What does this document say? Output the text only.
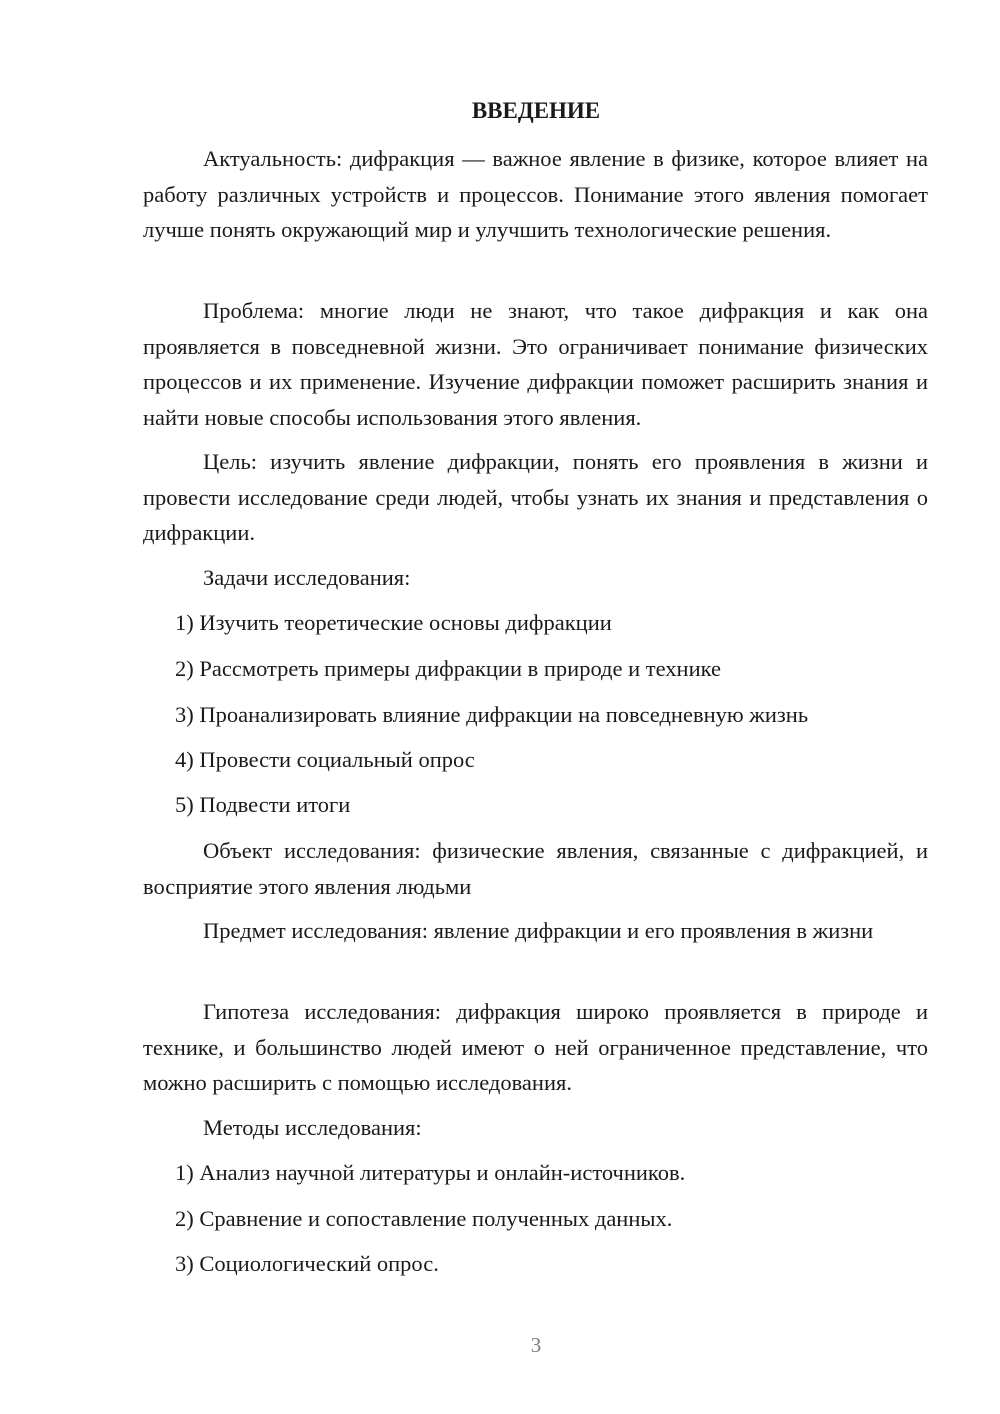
ВВЕДЕНИЕ
Актуальность: дифракция — важное явление в физике, которое влияет на работу различных устройств и процессов. Понимание этого явления помогает лучше понять окружающий мир и улучшить технологические решения.
Проблема: многие люди не знают, что такое дифракция и как она проявляется в повседневной жизни. Это ограничивает понимание физических процессов и их применение. Изучение дифракции поможет расширить знания и найти новые способы использования этого явления.
Цель: изучить явление дифракции, понять его проявления в жизни и провести исследование среди людей, чтобы узнать их знания и представления о дифракции.
Задачи исследования:
1) Изучить теоретические основы дифракции
2) Рассмотреть примеры дифракции в природе и технике
3) Проанализировать влияние дифракции на повседневную жизнь
4) Провести социальный опрос
5) Подвести итоги
Объект исследования: физические явления, связанные с дифракцией, и восприятие этого явления людьми
Предмет исследования: явление дифракции и его проявления в жизни
Гипотеза исследования: дифракция широко проявляется в природе и технике, и большинство людей имеют о ней ограниченное представление, что можно расширить с помощью исследования.
Методы исследования:
1) Анализ научной литературы и онлайн-источников.
2) Сравнение и сопоставление полученных данных.
3) Социологический опрос.
3
